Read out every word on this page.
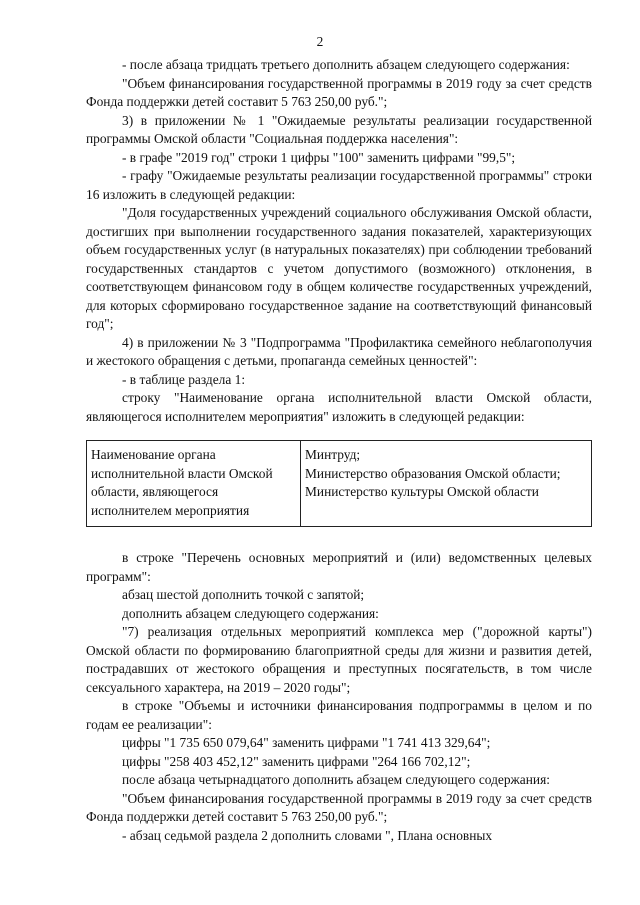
2

- после абзаца тридцать третьего дополнить абзацем следующего содержания:

"Объем финансирования государственной программы в 2019 году за счет средств Фонда поддержки детей составит 5 763 250,00 руб.";

3) в приложении № 1 "Ожидаемые результаты реализации государственной программы Омской области "Социальная поддержка населения":

- в графе "2019 год" строки 1 цифры "100" заменить цифрами "99,5";

- графу "Ожидаемые результаты реализации государственной программы" строки 16 изложить в следующей редакции:

"Доля государственных учреждений социального обслуживания Омской области, достигших при выполнении государственного задания показателей, характеризующих объем государственных услуг (в натуральных показателях) при соблюдении требований государственных стандартов с учетом допустимого (возможного) отклонения, в соответствующем финансовом году в общем количестве государственных учреждений, для которых сформировано государственное задание на соответствующий финансовый год";

4) в приложении № 3 "Подпрограмма "Профилактика семейного неблагополучия и жестокого обращения с детьми, пропаганда семейных ценностей":

- в таблице раздела 1:

строку "Наименование органа исполнительной власти Омской области, являющегося исполнителем мероприятия" изложить в следующей редакции:

Наименование органа
исполнительной власти Омской
области, являющегося
исполнителем мероприятия

Минтруд;
Министерство образования Омской области;
Министерство культуры Омской области

в строке "Перечень основных мероприятий и (или) ведомственных целевых программ":

абзац шестой дополнить точкой с запятой;

дополнить абзацем следующего содержания:

"7) реализация отдельных мероприятий комплекса мер ("дорожной карты") Омской области по формированию благоприятной среды для жизни и развития детей, пострадавших от жестокого обращения и преступных посягательств, в том числе сексуального характера, на 2019 – 2020 годы";

в строке "Объемы и источники финансирования подпрограммы в целом и по годам ее реализации":

цифры "1 735 650 079,64" заменить цифрами "1 741 413 329,64";

цифры "258 403 452,12" заменить цифрами "264 166 702,12";

после абзаца четырнадцатого дополнить абзацем следующего содержания:

"Объем финансирования государственной программы в 2019 году за счет средств Фонда поддержки детей составит 5 763 250,00 руб.";

- абзац седьмой раздела 2 дополнить словами ", Плана основных
